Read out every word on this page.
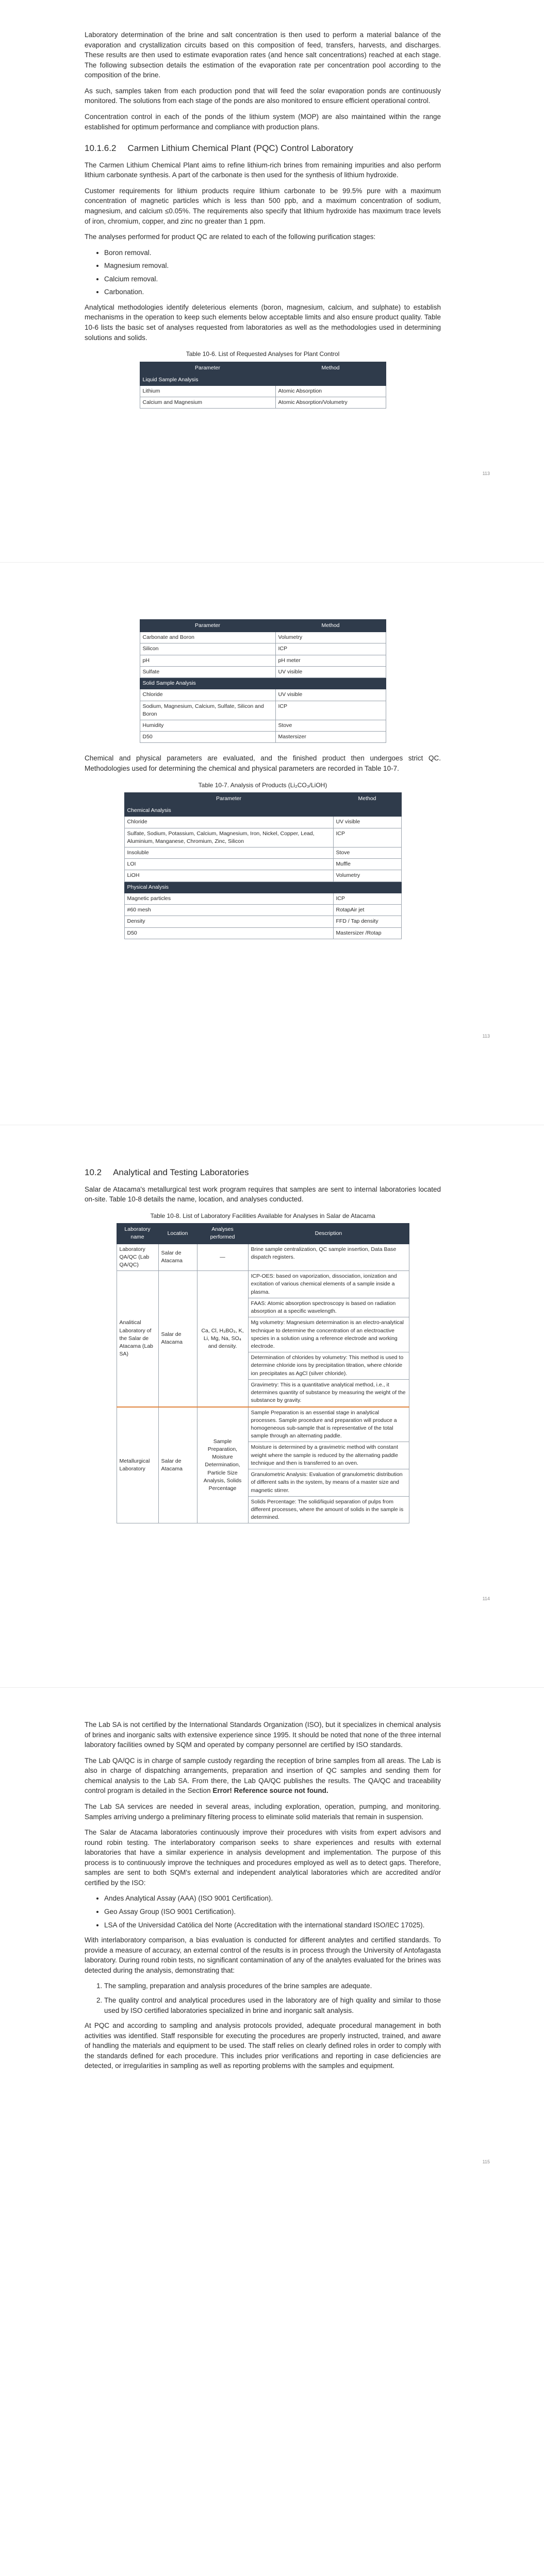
Laboratory determination of the brine and salt concentration is then used to perform a material balance of the evaporation and crystallization circuits based on this composition of feed, transfers, harvests, and discharges. These results are then used to estimate evaporation rates (and hence salt concentrations) reached at each stage. The following subsection details the estimation of the evaporation rate per concentration pool according to the composition of the brine.

As such, samples taken from each production pond that will feed the solar evaporation ponds are continuously monitored. The solutions from each stage of the ponds are also monitored to ensure efficient operational control.

Concentration control in each of the ponds of the lithium system (MOP) are also maintained within the range established for optimum performance and compliance with production plans.

10.1.6.2 Carmen Lithium Chemical Plant (PQC) Control Laboratory

The Carmen Lithium Chemical Plant aims to refine lithium-rich brines from remaining impurities and also perform lithium carbonate synthesis. A part of the carbonate is then used for the synthesis of lithium hydroxide.

Customer requirements for lithium products require lithium carbonate to be 99.5% pure with a maximum concentration of magnetic particles which is less than 500 ppb, and a maximum concentration of sodium, magnesium, and calcium ≤0.05%. The requirements also specify that lithium hydroxide has maximum trace levels of iron, chromium, copper, and zinc no greater than 1 ppm.

The analyses performed for product QC are related to each of the following purification stages:

• Boron removal.
• Magnesium removal.
• Calcium removal.
• Carbonation.

Analytical methodologies identify deleterious elements (boron, magnesium, calcium, and sulphate) to establish mechanisms in the operation to keep such elements below acceptable limits and also ensure product quality. Table 10-6 lists the basic set of analyses requested from laboratories as well as the methodologies used in determining solutions and solids.

Table 10-6. List of Requested Analyses for Plant Control
Parameter	Method
Liquid Sample Analysis	
Lithium	Atomic Absorption
Calcium and Magnesium	Atomic Absorption/Volumetry
113
Parameter	Method
Carbonate and Boron	Volumetry
Silicon	ICP
pH	pH meter
Sulfate	UV visible
Solid Sample Analysis	
Chloride	UV visible
Sodium, Magnesium, Calcium, Sulfate, Silicon and Boron	ICP
Humidity	Stove
D50	Mastersizer

Chemical and physical parameters are evaluated, and the finished product then undergoes strict QC. Methodologies used for determining the chemical and physical parameters are recorded in Table 10-7.

Table 10-7. Analysis of Products (Li₂CO₃/LiOH)
Parameter	Method
Chemical Analysis	
Chloride	UV visible
Sulfate, Sodium, Potassium, Calcium, Magnesium, Iron, Nickel, Copper, Lead, Aluminium, Manganese, Chromium, Zinc, Silicon	ICP
Insoluble	Stove
LOI	Muffle
LiOH	Volumetry
Physical Analysis	
Magnetic particles	ICP
#60 mesh	RotapAir jet
Density	FFD / Tap density
D50	Mastersizer /Rotap
113
10.2 Analytical and Testing Laboratories

Salar de Atacama's metallurgical test work program requires that samples are sent to internal laboratories located on-site. Table 10-8 details the name, location, and analyses conducted.

Table 10-8. List of Laboratory Facilities Available for Analyses in Salar de Atacama
Laboratory name	Location	Analyses performed	Description
Laboratory QA/QC (Lab QA/QC)	Salar de Atacama	—	Brine sample centralization, QC sample insertion, Data Base dispatch registers.
Analitical Laboratory of the Salar de Atacama (Lab SA)	Salar de Atacama	Ca, Cl, H₃BO₃, K, Li, Mg, Na, SO₄ and density.	ICP-OES: based on vaporization, dissociation, ionization and excitation of various chemical elements of a sample inside a plasma.
			FAAS: Atomic absorption spectroscopy is based on radiation absorption at a specific wavelength.
			Mg volumetry: Magnesium determination is an electro-analytical technique to determine the concentration of an electroactive species in a solution using a reference electrode and working electrode.
			Determination of chlorides by volumetry: This method is used to determine chloride ions by precipitation titration, where chloride ion precipitates as AgCl (silver chloride).
			Gravimetry: This is a quantitative analytical method, i.e., it determines quantity of substance by measuring the weight of the substance by gravity.
Metallurgical Laboratory	Salar de Atacama	Sample Preparation, Moisture Determination, Particle Size Analysis, Solids Percentage	Sample Preparation is an essential stage in analytical processes. Sample procedure and preparation will produce a homogeneous sub-sample that is representative of the total sample through an alternating paddle.
			Moisture is determined by a gravimetric method with constant weight where the sample is reduced by the alternating paddle technique and then is transferred to an oven.
			Granulometric Analysis: Evaluation of granulometric distribution of different salts in the system, by means of a master size and magnetic stirrer.
			Solids Percentage: The solid/liquid separation of pulps from different processes, where the amount of solids in the sample is determined.
114

The Lab SA is not certified by the International Standards Organization (ISO), but it specializes in chemical analysis of brines and inorganic salts with extensive experience since 1995. It should be noted that none of the three internal laboratory facilities owned by SQM and operated by company personnel are certified by ISO standards.

The Lab QA/QC is in charge of sample custody regarding the reception of brine samples from all areas. The Lab is also in charge of dispatching arrangements, preparation and insertion of QC samples and sending them for chemical analysis to the Lab SA. From there, the Lab QA/QC publishes the results. The QA/QC and traceability control program is detailed in the Section Error! Reference source not found.

The Lab SA services are needed in several areas, including exploration, operation, pumping, and monitoring. Samples arriving undergo a preliminary filtering process to eliminate solid materials that remain in suspension.

The Salar de Atacama laboratories continuously improve their procedures with visits from expert advisors and round robin testing. The interlaboratory comparison seeks to share experiences and results with external laboratories that have a similar experience in analysis development and implementation. The purpose of this process is to continuously improve the techniques and procedures employed as well as to detect gaps. Therefore, samples are sent to both SQM's external and independent analytical laboratories which are accredited and/or certified by the ISO:

• Andes Analytical Assay (AAA) (ISO 9001 Certification).
• Geo Assay Group (ISO 9001 Certification).
• LSA of the Universidad Católica del Norte (Accreditation with the international standard ISO/IEC 17025).

With interlaboratory comparison, a bias evaluation is conducted for different analytes and certified standards. To provide a measure of accuracy, an external control of the results is in process through the University of Antofagasta laboratory. During round robin tests, no significant contamination of any of the analytes evaluated for the brines was detected during the analysis, demonstrating that:

1. The sampling, preparation and analysis procedures of the brine samples are adequate.
2. The quality control and analytical procedures used in the laboratory are of high quality and similar to those used by ISO certified laboratories specialized in brine and inorganic salt analysis.

At PQC and according to sampling and analysis protocols provided, adequate procedural management in both activities was identified. Staff responsible for executing the procedures are properly instructed, trained, and aware of handling the materials and equipment to be used. The staff relies on clearly defined roles in order to comply with the standards defined for each procedure. This includes prior verifications and reporting in case deficiencies are detected, or irregularities in sampling as well as reporting problems with the samples and equipment.

115
